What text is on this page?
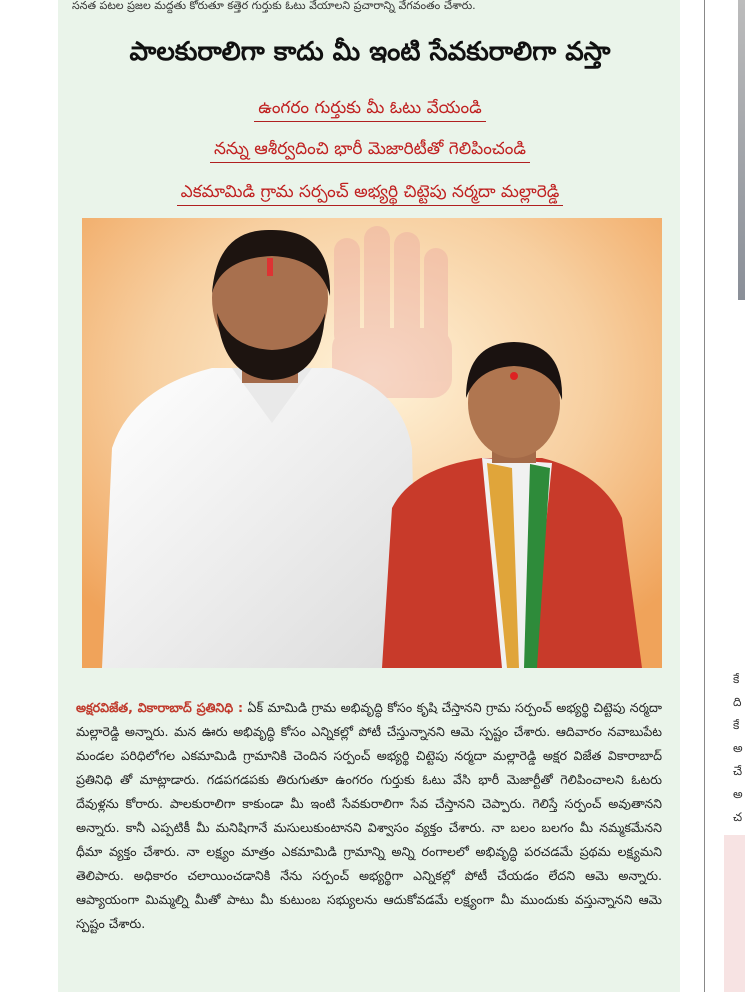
సనత పటల ప్రజల మద్దతు కోరుతూ కత్తెర గుర్తుకు ఓటు వేయాలని ప్రచారాన్ని వేగవంతం చేశారు.
పాలకురాలిగా కాదు మీ ఇంటి సేవకురాలిగా వస్తా
ఉంగరం గుర్తుకు మీ ఓటు వేయండి
నన్ను ఆశీర్వదించి భారీ మెజారిటీతో గెలిపించండి
ఎకమామిడి గ్రామ సర్పంచ్ అభ్యర్థి చిట్టెపు నర్మదా మల్లారెడ్డి
అక్షరవిజేత, వికారాబాద్ ప్రతినిధి : ఏక్ మామిడి గ్రామ అభివృద్ధి కోసం కృషి చేస్తానని గ్రామ సర్పంచ్ అభ్యర్థి చిట్టెపు నర్మదా మల్లారెడ్డి అన్నారు. మన ఊరు అభివృద్ధి కోసం ఎన్నికల్లో పోటీ చేస్తున్నానని ఆమె స్పష్టం చేశారు. ఆదివారం నవాబుపేట మండల పరిధిలోగల ఎకమామిడి గ్రామానికి చెందిన సర్పంచ్ అభ్యర్థి చిట్టెపు నర్మదా మల్లారెడ్డి అక్షర విజేత వికారాబాద్ ప్రతినిధి తో మాట్లాడారు. గడపగడపకు తిరుగుతూ ఉంగరం గుర్తుకు ఓటు వేసి భారీ మెజార్టీతో గెలిపించాలని ఓటరు దేవుళ్లను కోరారు. పాలకురాలిగా కాకుండా మీ ఇంటి సేవకురాలిగా సేవ చేస్తానని చెప్పారు. గెలిస్తే సర్పంచ్ అవుతానని అన్నారు. కానీ ఎప్పటికీ మీ మనిషిగానే మసులుకుంటానని విశ్వాసం వ్యక్తం చేశారు. నా బలం బలగం మీ నమ్మకమేనని ధీమా వ్యక్తం చేశారు. నా లక్ష్యం మాత్రం ఎకమామిడి గ్రామాన్ని అన్ని రంగాలలో అభివృద్ధి పరచడమే ప్రథమ లక్ష్యమని తెలిపారు. అధికారం చలాయించడానికి నేను సర్పంచ్ అభ్యర్థిగా ఎన్నికల్లో పోటీ చేయడం లేదని ఆమె అన్నారు. ఆప్యాయంగా మిమ్మల్ని మీతో పాటు మీ కుటుంబ సభ్యులను ఆదుకోవడమే లక్ష్యంగా మీ ముందుకు వస్తున్నానని ఆమె స్పష్టం చేశారు.
కే
ది
కే
అ
చే
అ
చ
